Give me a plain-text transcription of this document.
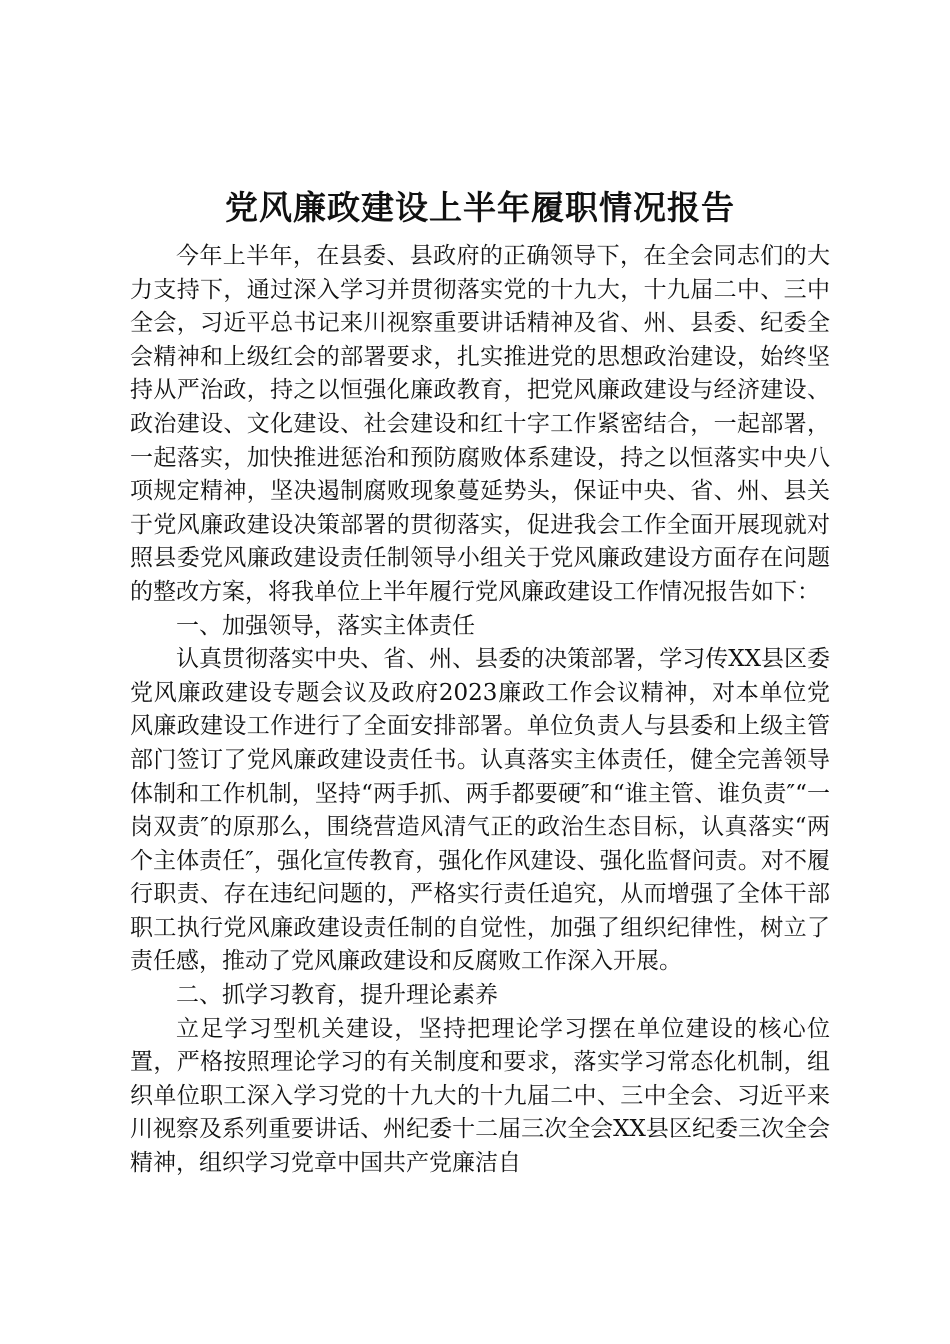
党风廉政建设上半年履职情况报告

今年上半年，在县委、县政府的正确领导下，在全会同志们的大力支持下，通过深入学习并贯彻落实党的十九大，十九届二中、三中全会，习近平总书记来川视察重要讲话精神及省、州、县委、纪委全会精神和上级红会的部署要求，扎实推进党的思想政治建设，始终坚持从严治政，持之以恒强化廉政教育，把党风廉政建设与经济建设、政治建设、文化建设、社会建设和红十字工作紧密结合，一起部署，一起落实，加快推进惩治和预防腐败体系建设，持之以恒落实中央八项规定精神，坚决遏制腐败现象蔓延势头，保证中央、省、州、县关于党风廉政建设决策部署的贯彻落实，促进我会工作全面开展现就对照县委党风廉政建设责任制领导小组关于党风廉政建设方面存在问题的整改方案，将我单位上半年履行党风廉政建设工作情况报告如下：

一、加强领导，落实主体责任

认真贯彻落实中央、省、州、县委的决策部署，学习传XX县区委党风廉政建设专题会议及政府2023廉政工作会议精神，对本单位党风廉政建设工作进行了全面安排部署。单位负责人与县委和上级主管部门签订了党风廉政建设责任书。认真落实主体责任，健全完善领导体制和工作机制，坚持“两手抓、两手都要硬″和“谁主管、谁负责″“一岗双责″的原那么，围绕营造风清气正的政治生态目标，认真落实“两个主体责任″，强化宣传教育，强化作风建设、强化监督问责。对不履行职责、存在违纪问题的，严格实行责任追究，从而增强了全体干部职工执行党风廉政建设责任制的自觉性，加强了组织纪律性，树立了责任感，推动了党风廉政建设和反腐败工作深入开展。

二、抓学习教育，提升理论素养

立足学习型机关建设，坚持把理论学习摆在单位建设的核心位置，严格按照理论学习的有关制度和要求，落实学习常态化机制，组织单位职工深入学习党的十九大的十九届二中、三中全会、习近平来川视察及系列重要讲话、州纪委十二届三次全会XX县区纪委三次全会精神，组织学习党章中国共产党廉洁自
